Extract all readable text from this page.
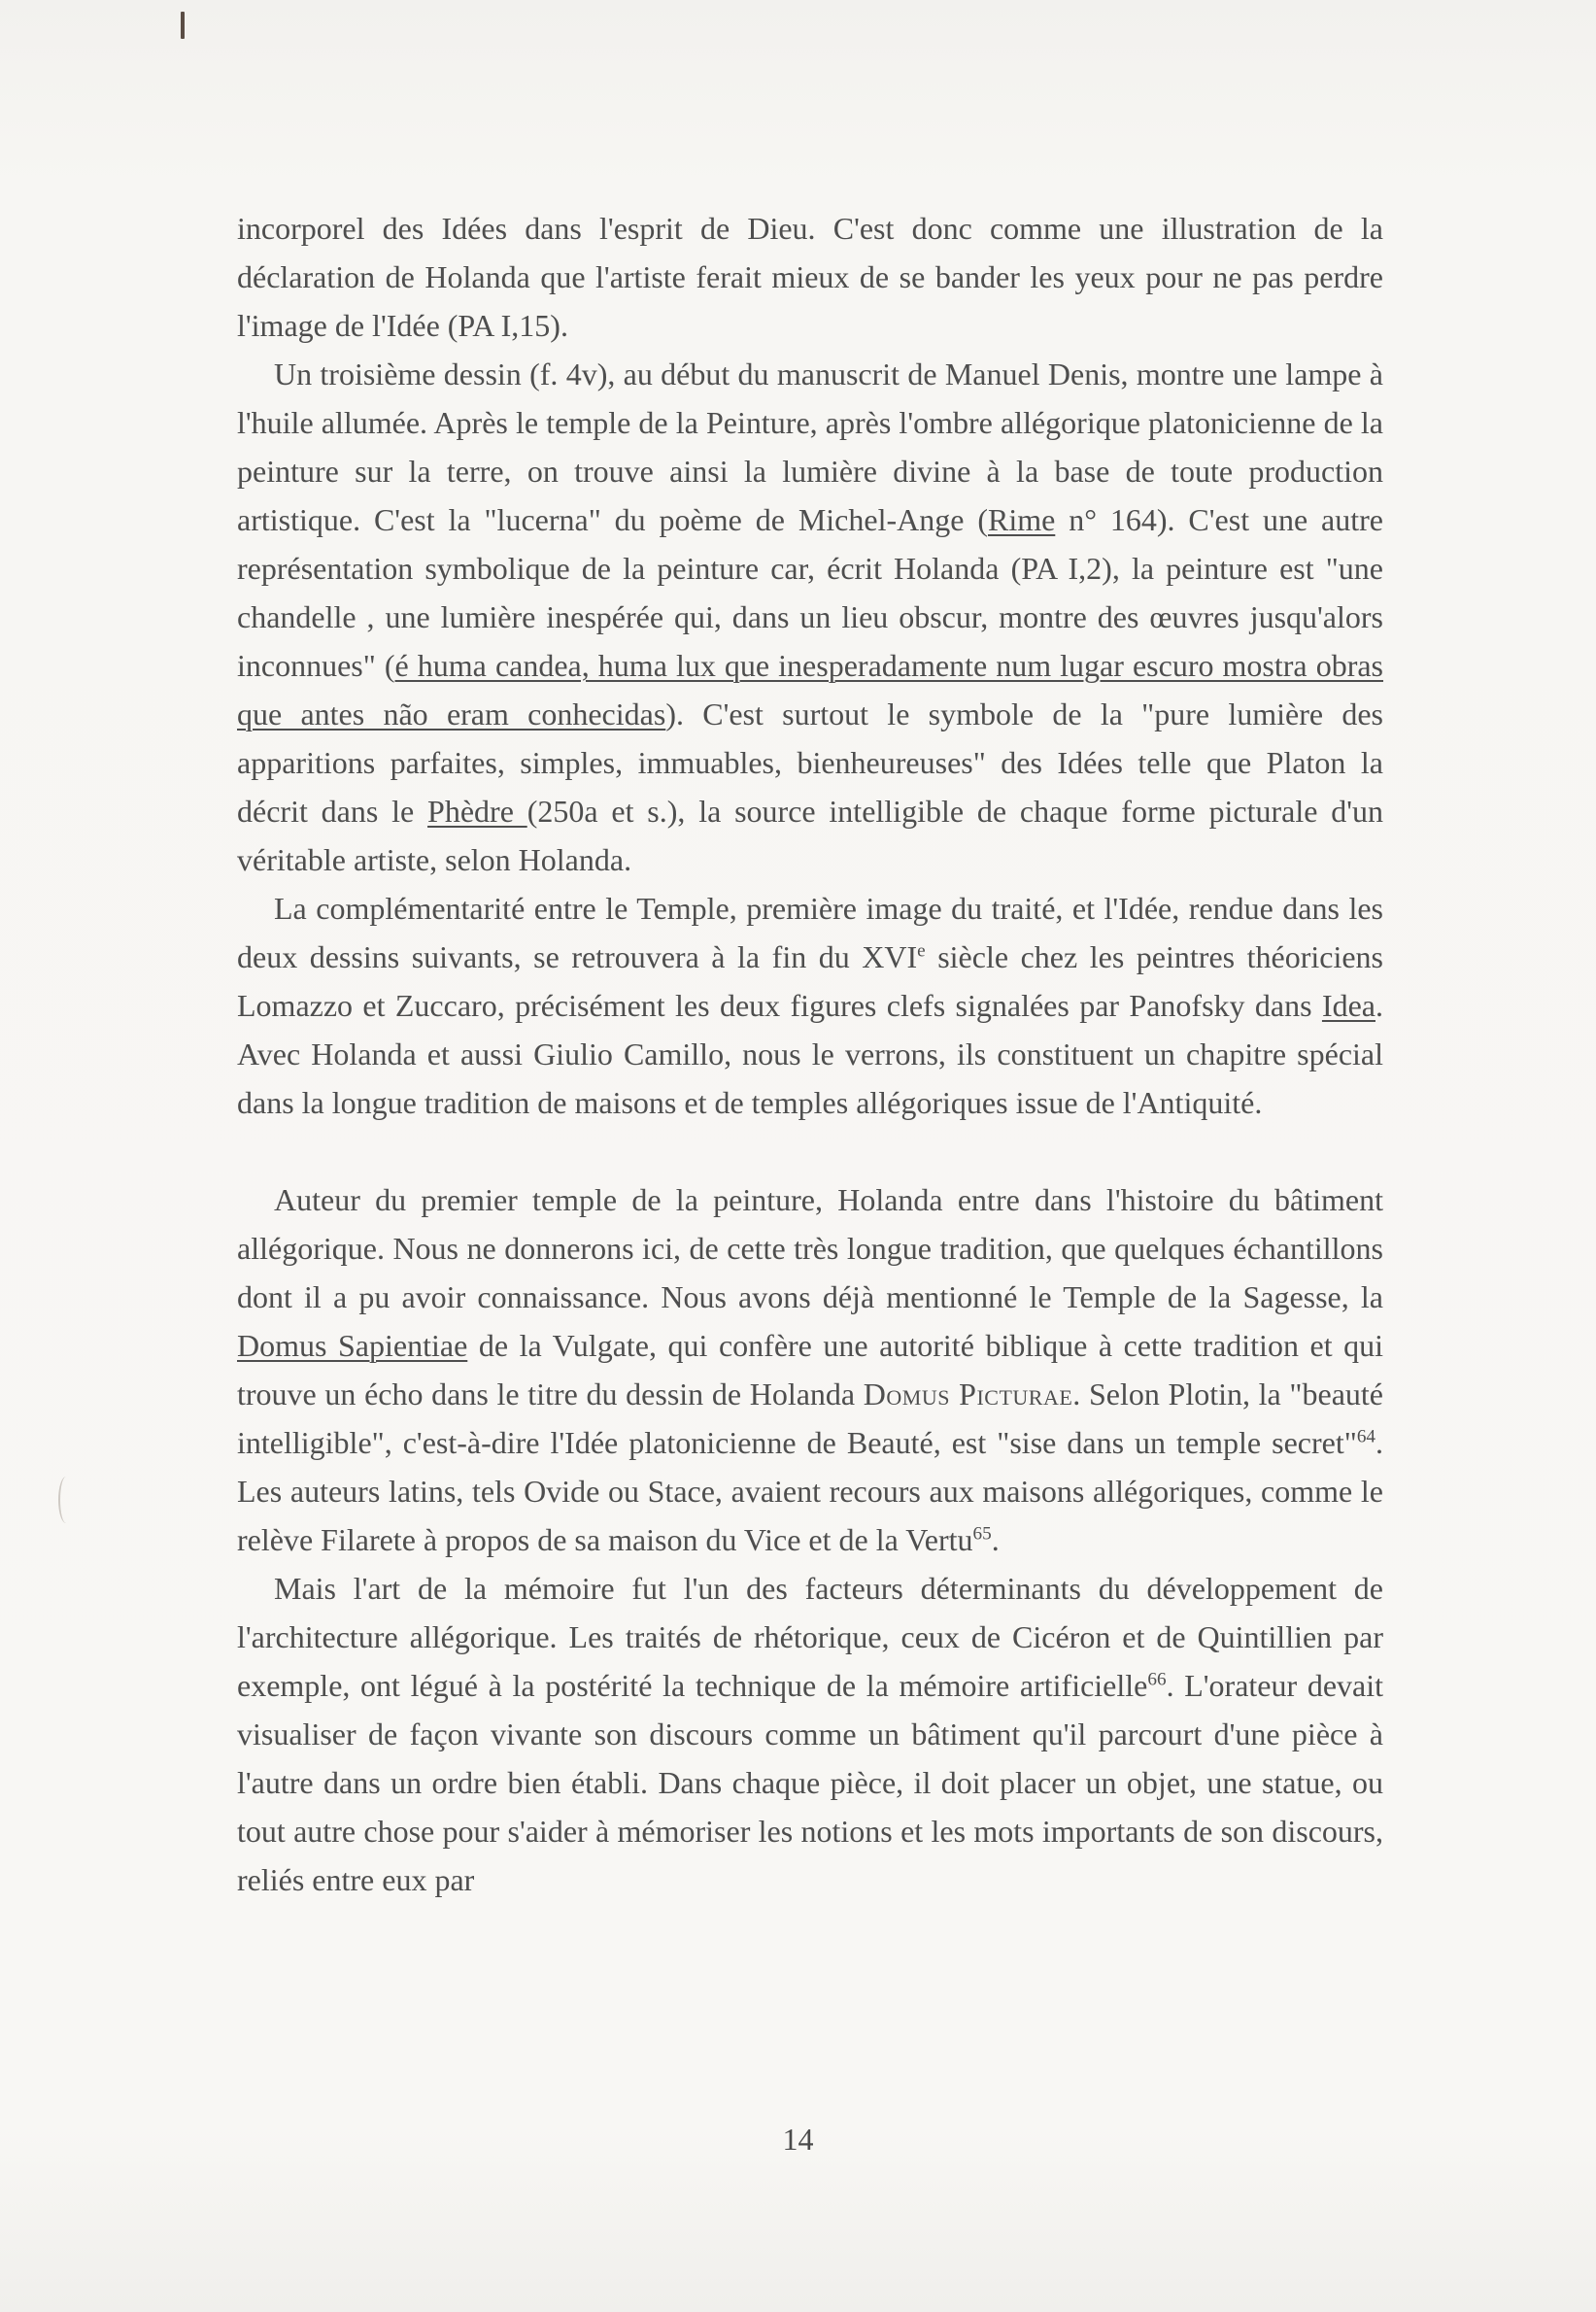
incorporel des Idées dans l'esprit de Dieu. C'est donc comme une illustration de la déclaration de Holanda que l'artiste ferait mieux de se bander les yeux pour ne pas perdre l'image de l'Idée (PA I,15).

Un troisième dessin (f. 4v), au début du manuscrit de Manuel Denis, montre une lampe à l'huile allumée. Après le temple de la Peinture, après l'ombre allégorique platonicienne de la peinture sur la terre, on trouve ainsi la lumière divine à la base de toute production artistique. C'est la "lucerna" du poème de Michel-Ange (Rime n° 164). C'est une autre représentation symbolique de la peinture car, écrit Holanda (PA I,2), la peinture est "une chandelle , une lumière inespérée qui, dans un lieu obscur, montre des œuvres jusqu'alors inconnues" (é huma candea, huma lux que inesperadamente num lugar escuro mostra obras que antes não eram conhecidas). C'est surtout le symbole de la "pure lumière des apparitions parfaites, simples, immuables, bienheureuses" des Idées telle que Platon la décrit dans le Phèdre (250a et s.), la source intelligible de chaque forme picturale d'un véritable artiste, selon Holanda.

La complémentarité entre le Temple, première image du traité, et l'Idée, rendue dans les deux dessins suivants, se retrouvera à la fin du XVIe siècle chez les peintres théoriciens Lomazzo et Zuccaro, précisément les deux figures clefs signalées par Panofsky dans Idea. Avec Holanda et aussi Giulio Camillo, nous le verrons, ils constituent un chapitre spécial dans la longue tradition de maisons et de temples allégoriques issue de l'Antiquité.

Auteur du premier temple de la peinture, Holanda entre dans l'histoire du bâtiment allégorique. Nous ne donnerons ici, de cette très longue tradition, que quelques échantillons dont il a pu avoir connaissance. Nous avons déjà mentionné le Temple de la Sagesse, la Domus Sapientiae de la Vulgate, qui confère une autorité biblique à cette tradition et qui trouve un écho dans le titre du dessin de Holanda Domus Picturae. Selon Plotin, la "beauté intelligible", c'est-à-dire l'Idée platonicienne de Beauté, est "sise dans un temple secret"$^{64}$. Les auteurs latins, tels Ovide ou Stace, avaient recours aux maisons allégoriques, comme le relève Filarete à propos de sa maison du Vice et de la Vertu$^{65}$.

Mais l'art de la mémoire fut l'un des facteurs déterminants du développement de l'architecture allégorique. Les traités de rhétorique, ceux de Cicéron et de Quintillien par exemple, ont légué à la postérité la technique de la mémoire artificielle$^{66}$. L'orateur devait visualiser de façon vivante son discours comme un bâtiment qu'il parcourt d'une pièce à l'autre dans un ordre bien établi. Dans chaque pièce, il doit placer un objet, une statue, ou tout autre chose pour s'aider à mémoriser les notions et les mots importants de son discours, reliés entre eux par

14
